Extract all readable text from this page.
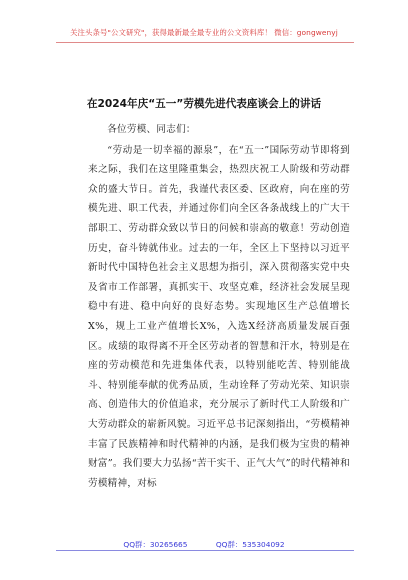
关注头条号"公文研究"，获得最新最全最专业的公文资料库！ 微信：gongwenyj
在2024年庆“五一”劳模先进代表座谈会上的讲话

各位劳模、同志们：

“劳动是一切幸福的源泉”，在“五一”国际劳动节即将到来之际，我们在这里隆重集会，热烈庆祝工人阶级和劳动群众的盛大节日。首先，我谨代表区委、区政府，向在座的劳模先进、职工代表，并通过你们向全区各条战线上的广大干部职工、劳动群众致以节日的问候和崇高的敬意！劳动创造历史，奋斗铸就伟业。过去的一年，全区上下坚持以习近平新时代中国特色社会主义思想为指引，深入贯彻落实党中央及省市工作部署，真抓实干、攻坚克难，经济社会发展呈现稳中有进、稳中向好的良好态势。实现地区生产总值增长X%，规上工业产值增长X%，入选X经济高质量发展百强区。成绩的取得离不开全区劳动者的智慧和汗水，特别是在座的劳动模范和先进集体代表，以特别能吃苦、特别能战斗、特别能奉献的优秀品质，生动诠释了劳动光荣、知识崇高、创造伟大的价值追求，充分展示了新时代工人阶级和广大劳动群众的崭新风貌。习近平总书记深刻指出，“劳模精神丰富了民族精神和时代精神的内涵，是我们极为宝贵的精神财富”。我们要大力弘扬“苦干实干、正气大气”的时代精神和劳模精神，对标

QQ群：30265665	QQ群：535304092
